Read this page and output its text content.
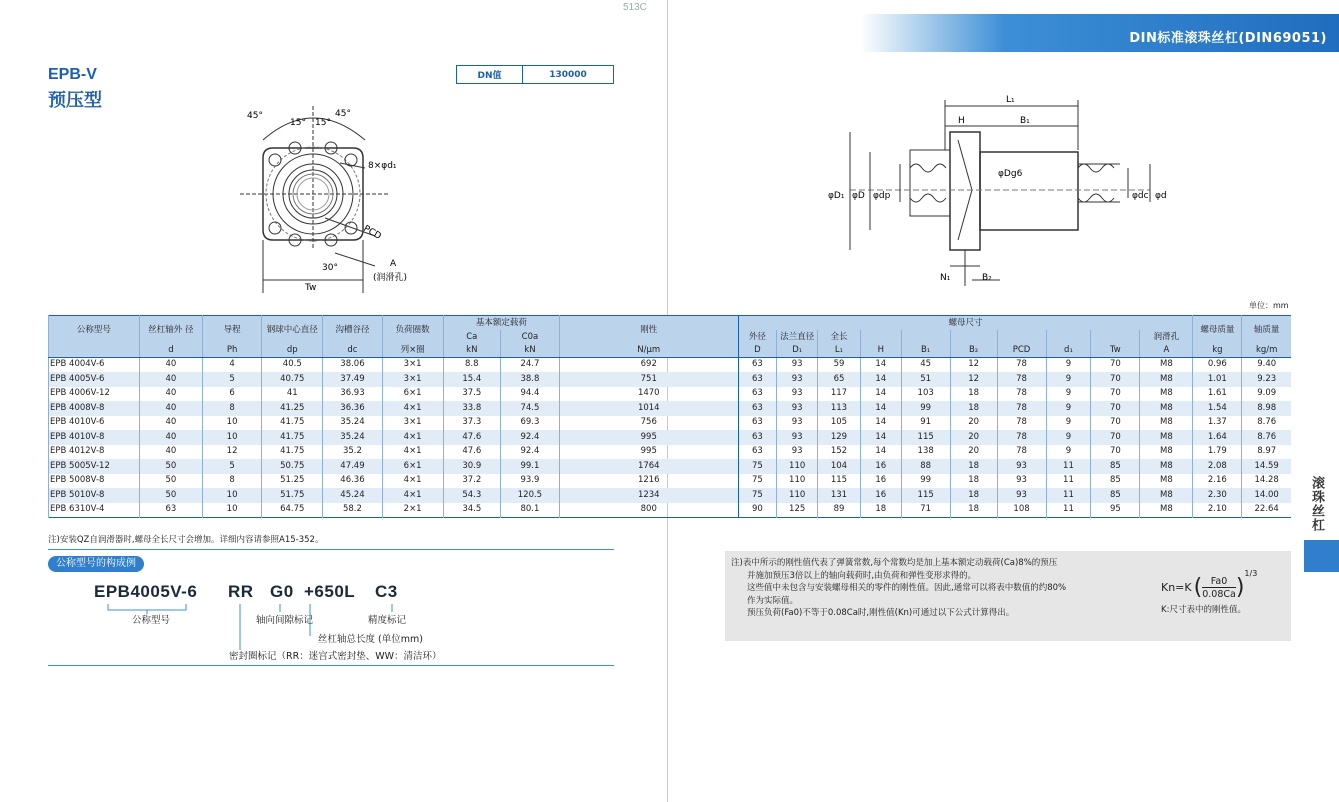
513C	513C
DIN标准滚珠丝杠(DIN69051)
EPB-V
预压型
DN值	130000
45°	45°
15° 15°
8×φd₁
PCD
A
(润滑孔)
30°
Tw
L₁
H	B₁
φD₁ φD φdp
φDg6
φdc φd
N₁	B₂
单位：mm
公称型号	丝杠轴外 径	导程	钢球中心直径	沟槽谷径	负荷圈数	基本额定载荷		刚性	螺母尺寸										螺母质量	轴质量
						Ca	C0a		外径	法兰直径	全长							润滑孔		
	d	Ph	dp	dc	列×圈	kN	kN	N/μm	D	D₁	L₁	H	B₁	B₂	PCD	d₁	Tw	A	kg	kg/m
EPB 4004V-6	40	4	40.5	38.06	3×1	8.8	24.7	692	63	93	59	14	45	12	78	9	70	M8	0.96	9.40
EPB 4005V-6	40	5	40.75	37.49	3×1	15.4	38.8	751	63	93	65	14	51	12	78	9	70	M8	1.01	9.23
EPB 4006V-12	40	6	41	36.93	6×1	37.5	94.4	1470	63	93	117	14	103	18	78	9	70	M8	1.61	9.09
EPB 4008V-8	40	8	41.25	36.36	4×1	33.8	74.5	1014	63	93	113	14	99	18	78	9	70	M8	1.54	8.98
EPB 4010V-6	40	10	41.75	35.24	3×1	37.3	69.3	756	63	93	105	14	91	20	78	9	70	M8	1.37	8.76
EPB 4010V-8	40	10	41.75	35.24	4×1	47.6	92.4	995	63	93	129	14	115	20	78	9	70	M8	1.64	8.76
EPB 4012V-8	40	12	41.75	35.2	4×1	47.6	92.4	995	63	93	152	14	138	20	78	9	70	M8	1.79	8.97
EPB 5005V-12	50	5	50.75	47.49	6×1	30.9	99.1	1764	75	110	104	16	88	18	93	11	85	M8	2.08	14.59
EPB 5008V-8	50	8	51.25	46.36	4×1	37.2	93.9	1216	75	110	115	16	99	18	93	11	85	M8	2.16	14.28
EPB 5010V-8	50	10	51.75	45.24	4×1	54.3	120.5	1234	75	110	131	16	115	18	93	11	85	M8	2.30	14.00
EPB 6310V-4	63	10	64.75	58.2	2×1	34.5	80.1	800	90	125	89	18	71	18	108	11	95	M8	2.10	22.64
注)安装QZ自润滑器时,螺母全长尺寸会增加。详细内容请参照A15-352。
公称型号的构成例
EPB4005V-6 RR G0 +650L C3
公称型号	轴向间隙标记	精度标记
丝杠轴总长度 (单位mm)
密封圈标记（RR：迷宫式密封垫、WW：清洁环）
注)表中所示的刚性值代表了弹簧常数,每个常数均是加上基本额定动载荷(Ca)8%的预压
并施加预压3倍以上的轴向载荷时,由负荷和弹性变形求得的。
这些值中未包含与安装螺母相关的零件的刚性值。因此,通常可以将表中数值的约80%
作为实际值。
预压负荷(Fa0)不等于0.08Ca时,刚性值(Kn)可通过以下公式计算得出。
Kn=K ( $\frac{Fa0}{0.08Ca}$ )
1/3
K:尺寸表中的刚性值。
滚珠丝杠
